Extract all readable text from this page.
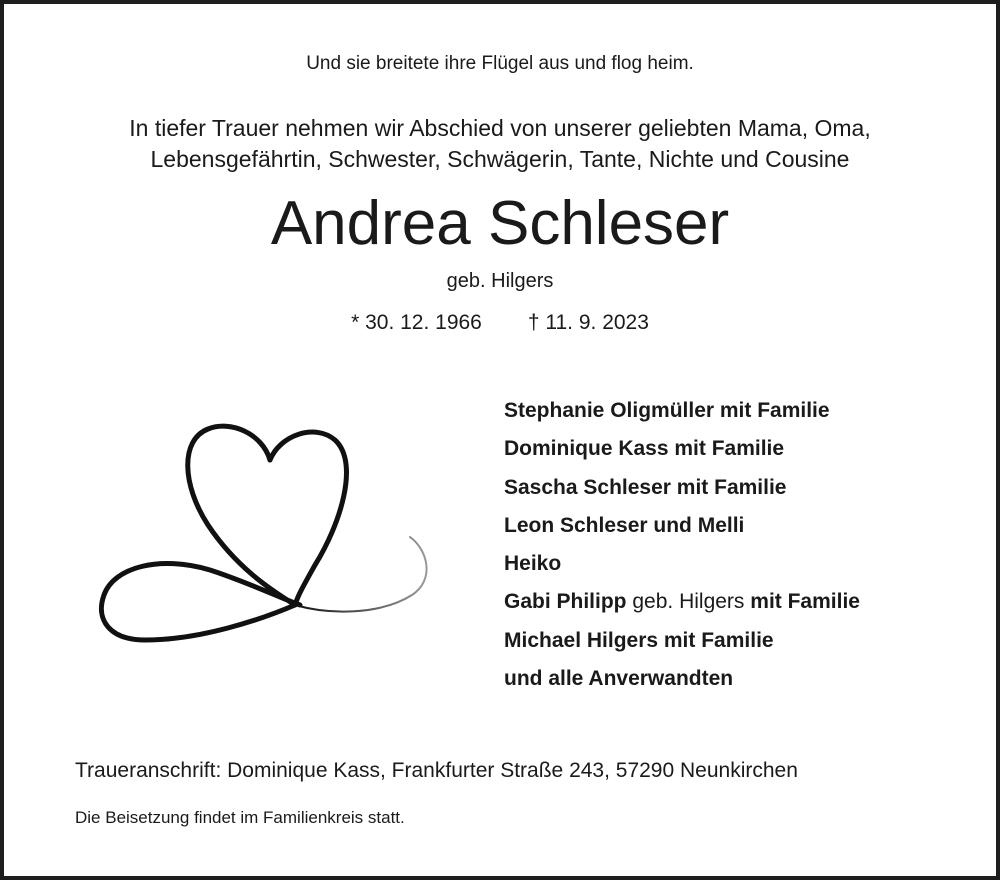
Und sie breitete ihre Flügel aus und flog heim.
In tiefer Trauer nehmen wir Abschied von unserer geliebten Mama, Oma,
Lebensgefährtin, Schwester, Schwägerin, Tante, Nichte und Cousine
Andrea Schleser
geb. Hilgers
* 30. 12. 1966 † 11. 9. 2023
Stephanie Oligmüller mit Familie
Dominique Kass mit Familie
Sascha Schleser mit Familie
Leon Schleser und Melli
Heiko
Gabi Philipp geb. Hilgers mit Familie
Michael Hilgers mit Familie
und alle Anverwandten
Traueranschrift: Dominique Kass, Frankfurter Straße 243, 57290 Neunkirchen
Die Beisetzung findet im Familienkreis statt.
